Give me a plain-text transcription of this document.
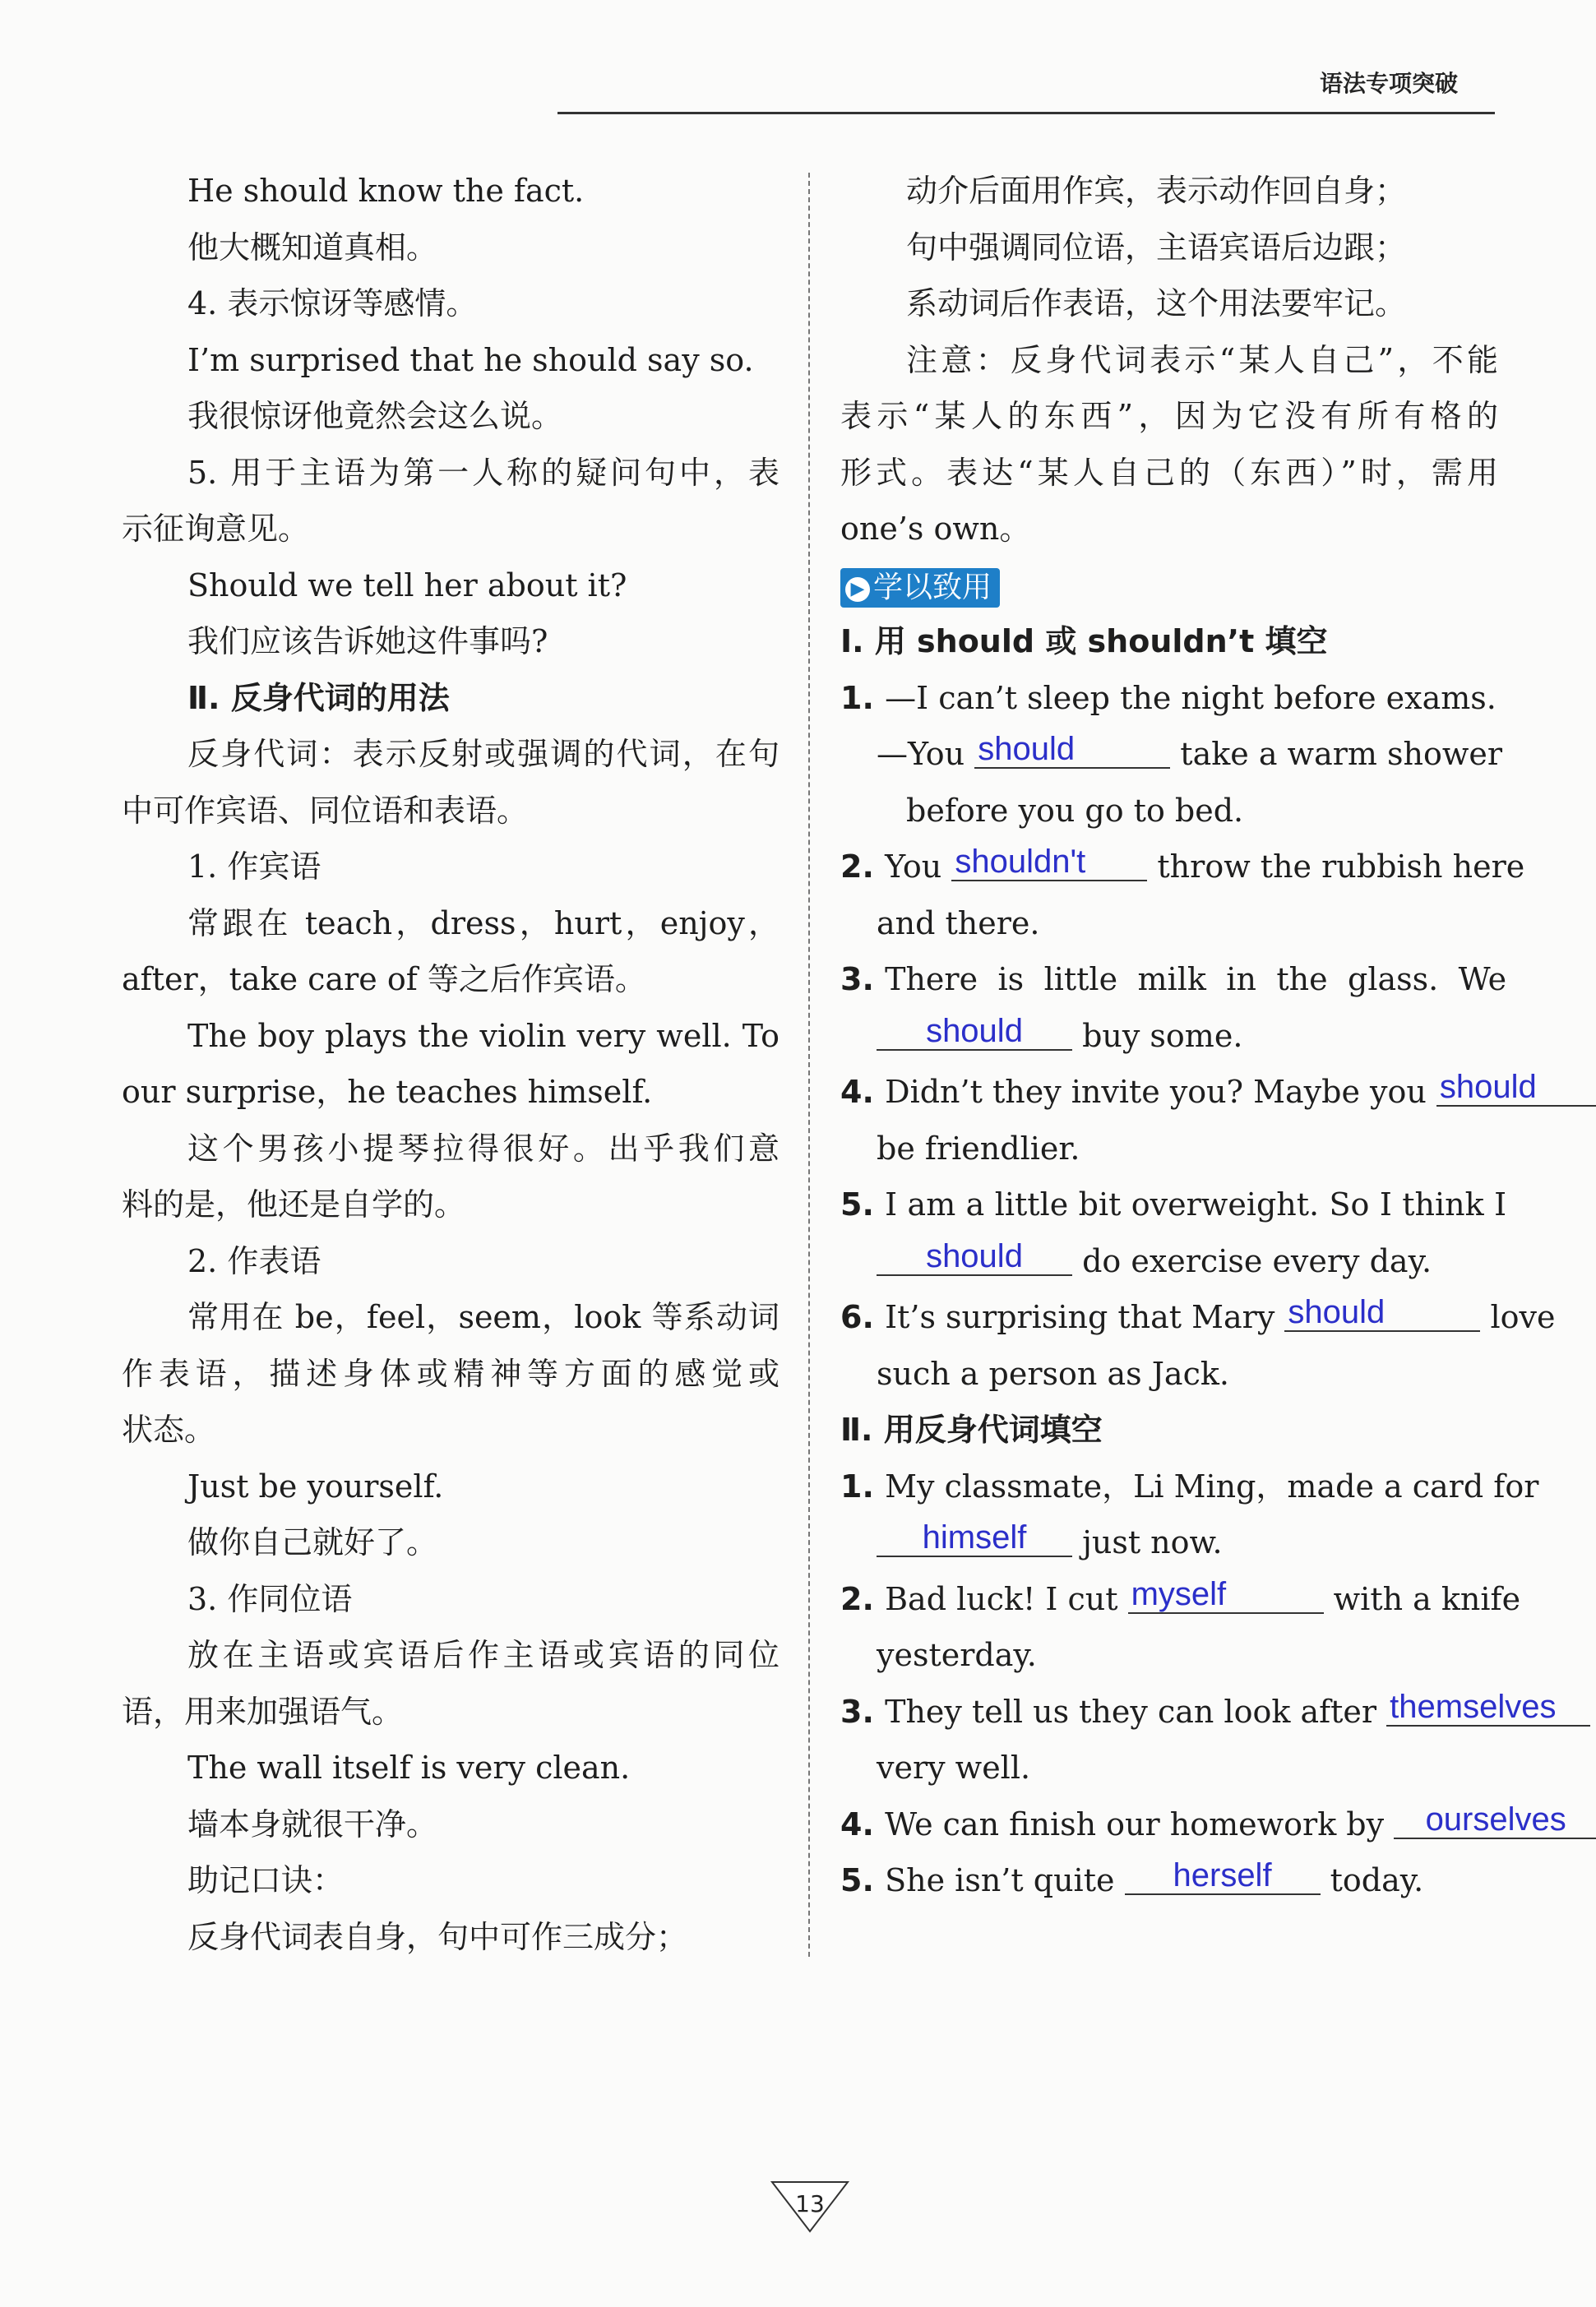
语法专项突破
He should know the fact.
他大概知道真相。
4. 表示惊讶等感情。
I’m surprised that he should say so.
我很惊讶他竟然会这么说。
5. 用于主语为第一人称的疑问句中，表
示征询意见。
Should we tell her about it?
我们应该告诉她这件事吗?
Ⅱ. 反身代词的用法
反身代词：表示反射或强调的代词，在句
中可作宾语、同位语和表语。
1. 作宾语
常跟在 teach，dress，hurt，enjoy，
after，take care of 等之后作宾语。
The boy plays the violin very well. To
our surprise，he teaches himself.
这个男孩小提琴拉得很好。出乎我们意
料的是，他还是自学的。
2. 作表语
常用在 be，feel，seem，look 等系动词
作表语，描述身体或精神等方面的感觉或
状态。
Just be yourself.
做你自己就好了。
3. 作同位语
放在主语或宾语后作主语或宾语的同位
语，用来加强语气。
The wall itself is very clean.
墙本身就很干净。
助记口诀：
反身代词表自身，句中可作三成分；
动介后面用作宾，表示动作回自身；
句中强调同位语，主语宾语后边跟；
系动词后作表语，这个用法要牢记。
注意：反身代词表示“某人自己”，不能
表示“某人的东西”，因为它没有所有格的
形式。表达“某人自己的（东西）”时，需用
one’s own。
▶ 学以致用
Ⅰ. 用 should 或 shouldn’t 填空
1. —I can’t sleep the night before exams.
—You should	take a warm shower
before you go to bed.
2. You shouldn't throw the rubbish here
and there.
3. There is little milk in the glass. We
should buy some.
4. Didn’t they invite you? Maybe you should
be friendlier.
5. I am a little bit overweight. So I think I
should do exercise every day.
6. It’s surprising that Mary should	love
such a person as Jack.
Ⅱ. 用反身代词填空
1. My classmate，Li Ming，made a card for
himself just now.
2. Bad luck! I cut myself	with a knife
yesterday.
3. They tell us they can look after themselves
very well.
4. We can finish our homework by ourselves
5. She isn’t quite herself today.
13
